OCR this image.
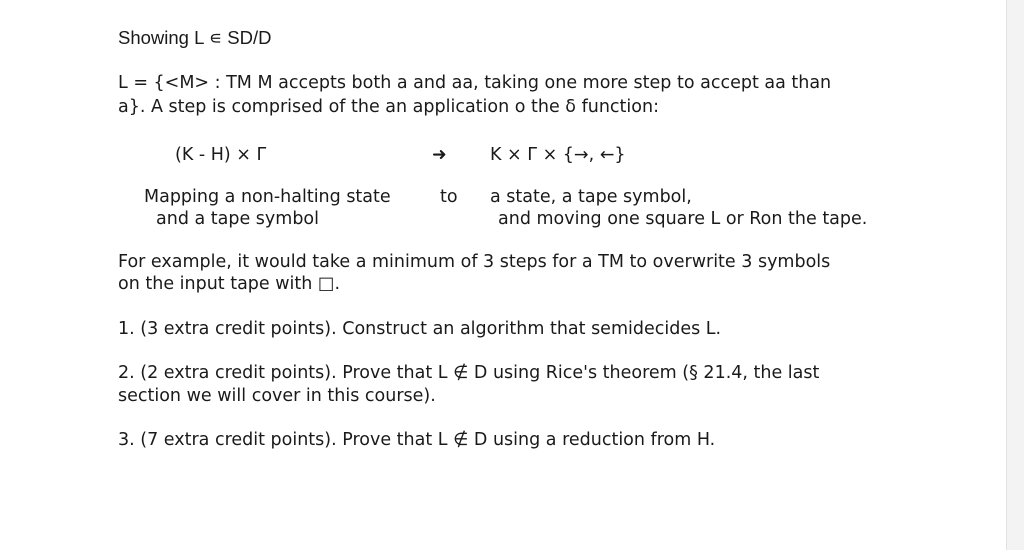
Showing L ∊ SD/D
L = {<M> : TM M accepts both a and aa, taking one more step to accept aa than
a}. A step is comprised of the an application o the δ function:
(K - H) × Γ	➜ K × Γ × {→, ←}
Mapping a non-halting state
and a tape symbol
to a state, a tape symbol,
and moving one square L or Ron the tape.
For example, it would take a minimum of 3 steps for a TM to overwrite 3 symbols
on the input tape with □.
1. (3 extra credit points). Construct an algorithm that semidecides L.
2. (2 extra credit points). Prove that L ∉ D using Rice's theorem (§ 21.4, the last
section we will cover in this course).
3. (7 extra credit points). Prove that L ∉ D using a reduction from H.
